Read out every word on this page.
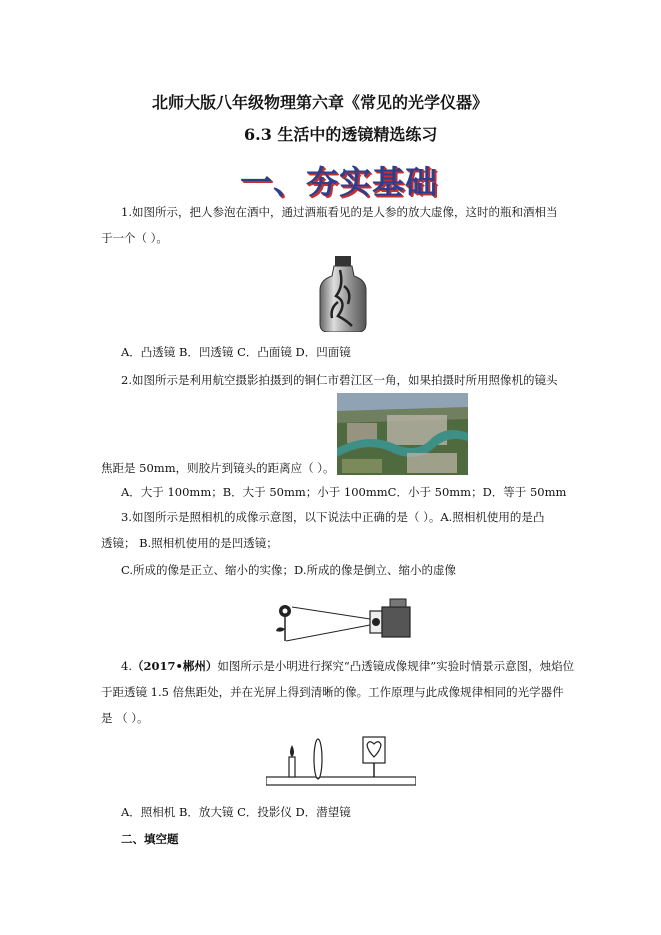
北师大版八年级物理第六章《常见的光学仪器》
6.3 生活中的透镜精选练习
一、夯实基础
1.如图所示，把人参泡在酒中，通过酒瓶看见的是人参的放大虚像，这时的瓶和酒相当
于一个（ ）。
A．凸透镜 B．凹透镜 C．凸面镜 D．凹面镜
2.如图所示是利用航空摄影拍摄到的铜仁市碧江区一角，如果拍摄时所用照像机的镜头
焦距是 50mm，则胶片到镜头的距离应（ ）。
A．大于 100mm；B．大于 50mm；小于 100mmC．小于 50mm；D．等于 50mm
3.如图所示是照相机的成像示意图，以下说法中正确的是（ ）。A.照相机使用的是凸
透镜； B.照相机使用的是凹透镜；
C.所成的像是正立、缩小的实像；D.所成的像是倒立、缩小的虚像
4.（2017•郴州）如图所示是小明进行探究“凸透镜成像规律”实验时情景示意图，烛焰位
于距透镜 1.5 倍焦距处，并在光屏上得到清晰的像。工作原理与此成像规律相同的光学器件
是 （ ）。
A．照相机 B．放大镜 C．投影仪 D．潜望镜
二、填空题
